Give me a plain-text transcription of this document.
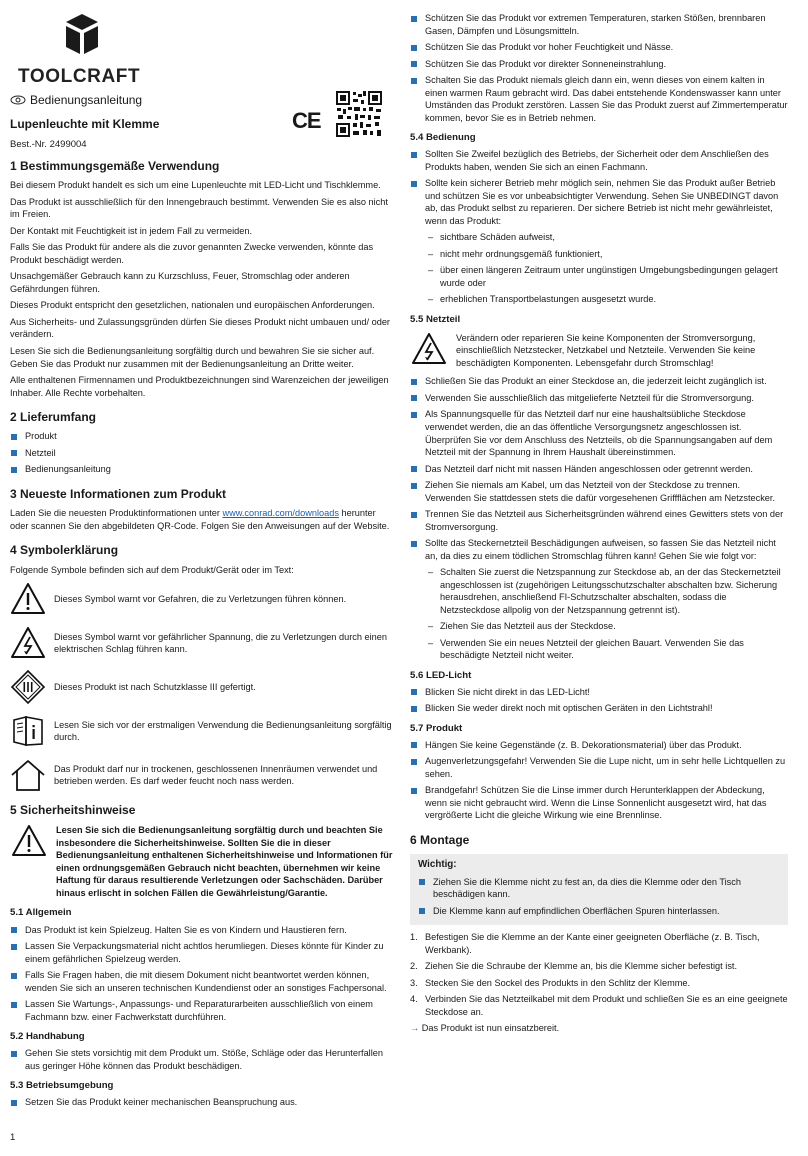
TOOLCRAFT
Bedienungsanleitung
Lupenleuchte mit Klemme
Best.-Nr. 2499004
CE
1 Bestimmungsgemäße Verwendung

Bei diesem Produkt handelt es sich um eine Lupenleuchte mit LED-Licht und Tischklemme.

Das Produkt ist ausschließlich für den Innengebrauch bestimmt. Verwenden Sie es also nicht im Freien.

Der Kontakt mit Feuchtigkeit ist in jedem Fall zu vermeiden.

Falls Sie das Produkt für andere als die zuvor genannten Zwecke verwenden, könnte das Produkt beschädigt werden.

Unsachgemäßer Gebrauch kann zu Kurzschluss, Feuer, Stromschlag oder anderen Gefährdungen führen.

Dieses Produkt entspricht den gesetzlichen, nationalen und europäischen Anforderungen.

Aus Sicherheits- und Zulassungsgründen dürfen Sie dieses Produkt nicht umbauen und/ oder verändern.

Lesen Sie sich die Bedienungsanleitung sorgfältig durch und bewahren Sie sie sicher auf. Geben Sie das Produkt nur zusammen mit der Bedienungsanleitung an Dritte weiter.

Alle enthaltenen Firmennamen und Produktbezeichnungen sind Warenzeichen der jeweiligen Inhaber. Alle Rechte vorbehalten.

2 Lieferumfang
Produkt
Netzteil
Bedienungsanleitung
3 Neueste Informationen zum Produkt

Laden Sie die neuesten Produktinformationen unter www.conrad.com/downloads herunter oder scannen Sie den abgebildeten QR-Code. Folgen Sie den Anweisungen auf der Website.

4 Symbolerklärung

Folgende Symbole befinden sich auf dem Produkt/Gerät oder im Text:

Dieses Symbol warnt vor Gefahren, die zu Verletzungen führen können.
Dieses Symbol warnt vor gefährlicher Spannung, die zu Verletzungen durch einen elektrischen Schlag führen kann.
Dieses Produkt ist nach Schutzklasse III gefertigt.
Lesen Sie sich vor der erstmaligen Verwendung die Bedienungsanleitung sorgfältig durch.
Das Produkt darf nur in trockenen, geschlossenen Innenräumen verwendet und betrieben werden. Es darf weder feucht noch nass werden.
5 Sicherheitshinweise
Lesen Sie sich die Bedienungsanleitung sorgfältig durch und beachten Sie insbesondere die Sicherheitshinweise. Sollten Sie die in dieser Bedienungsanleitung enthaltenen Sicherheitshinweise und Informationen für einen ordnungsgemäßen Gebrauch nicht beachten, übernehmen wir keine Haftung für daraus resultierende Verletzungen oder Sachschäden. Darüber hinaus erlischt in solchen Fällen die Gewährleistung/Garantie.
5.1 Allgemein
Das Produkt ist kein Spielzeug. Halten Sie es von Kindern und Haustieren fern.
Lassen Sie Verpackungsmaterial nicht achtlos herumliegen. Dieses könnte für Kinder zu einem gefährlichen Spielzeug werden.
Falls Sie Fragen haben, die mit diesem Dokument nicht beantwortet werden können, wenden Sie sich an unseren technischen Kundendienst oder an sonstiges Fachpersonal.
Lassen Sie Wartungs-, Anpassungs- und Reparaturarbeiten ausschließlich von einem Fachmann bzw. einer Fachwerkstatt durchführen.
5.2 Handhabung
Gehen Sie stets vorsichtig mit dem Produkt um. Stöße, Schläge oder das Herunterfallen aus geringer Höhe können das Produkt beschädigen.
5.3 Betriebsumgebung
Setzen Sie das Produkt keiner mechanischen Beanspruchung aus.
Schützen Sie das Produkt vor extremen Temperaturen, starken Stößen, brennbaren Gasen, Dämpfen und Lösungsmitteln.
Schützen Sie das Produkt vor hoher Feuchtigkeit und Nässe.
Schützen Sie das Produkt vor direkter Sonneneinstrahlung.
Schalten Sie das Produkt niemals gleich dann ein, wenn dieses von einem kalten in einen warmen Raum gebracht wird. Das dabei entstehende Kondenswasser kann unter Umständen das Produkt zerstören. Lassen Sie das Produkt zuerst auf Zimmertemperatur kommen, bevor Sie es in Betrieb nehmen.
5.4 Bedienung
Sollten Sie Zweifel bezüglich des Betriebs, der Sicherheit oder dem Anschließen des Produkts haben, wenden Sie sich an einen Fachmann.
Sollte kein sicherer Betrieb mehr möglich sein, nehmen Sie das Produkt außer Betrieb und schützen Sie es vor unbeabsichtigter Verwendung. Sehen Sie UNBEDINGT davon ab, das Produkt selbst zu reparieren. Der sichere Betrieb ist nicht mehr gewährleistet, wenn das Produkt:
– sichtbare Schäden aufweist,
– nicht mehr ordnungsgemäß funktioniert,
– über einen längeren Zeitraum unter ungünstigen Umgebungsbedingungen gelagert wurde oder
– erheblichen Transportbelastungen ausgesetzt wurde.
5.5 Netzteil
Verändern oder reparieren Sie keine Komponenten der Stromversorgung, einschließlich Netzstecker, Netzkabel und Netzteile. Verwenden Sie keine beschädigten Komponenten. Lebensgefahr durch Stromschlag!
Schließen Sie das Produkt an einer Steckdose an, die jederzeit leicht zugänglich ist.
Verwenden Sie ausschließlich das mitgelieferte Netzteil für die Stromversorgung.
Als Spannungsquelle für das Netzteil darf nur eine haushaltsübliche Steckdose verwendet werden, die an das öffentliche Versorgungsnetz angeschlossen ist. Überprüfen Sie vor dem Anschluss des Netzteils, ob die Spannungsangaben auf dem Netzteil mit der Spannung in Ihrem Haushalt übereinstimmen.
Das Netzteil darf nicht mit nassen Händen angeschlossen oder getrennt werden.
Ziehen Sie niemals am Kabel, um das Netzteil von der Steckdose zu trennen. Verwenden Sie stattdessen stets die dafür vorgesehenen Griffflächen am Netzstecker.
Trennen Sie das Netzteil aus Sicherheitsgründen während eines Gewitters stets von der Stromversorgung.
Sollte das Steckernetzteil Beschädigungen aufweisen, so fassen Sie das Netzteil nicht an, da dies zu einem tödlichen Stromschlag führen kann! Gehen Sie wie folgt vor:
– Schalten Sie zuerst die Netzspannung zur Steckdose ab, an der das Steckernetzteil angeschlossen ist (zugehörigen Leitungsschutzschalter abschalten bzw. Sicherung herausdrehen, anschließend FI-Schutzschalter abschalten, sodass die Netzsteckdose allpolig von der Netzspannung getrennt ist).
– Ziehen Sie das Netzteil aus der Steckdose.
– Verwenden Sie ein neues Netzteil der gleichen Bauart. Verwenden Sie das beschädigte Netzteil nicht weiter.
5.6 LED-Licht
Blicken Sie nicht direkt in das LED-Licht!
Blicken Sie weder direkt noch mit optischen Geräten in den Lichtstrahl!
5.7 Produkt
Hängen Sie keine Gegenstände (z. B. Dekorationsmaterial) über das Produkt.
Augenverletzungsgefahr! Verwenden Sie die Lupe nicht, um in sehr helle Lichtquellen zu sehen.
Brandgefahr! Schützen Sie die Linse immer durch Herunterklappen der Abdeckung, wenn sie nicht gebraucht wird. Wenn die Linse Sonnenlicht ausgesetzt wird, hat das vergrößerte Licht die gleiche Wirkung wie eine Brennlinse.
6 Montage
Wichtig:
Ziehen Sie die Klemme nicht zu fest an, da dies die Klemme oder den Tisch beschädigen kann.
Die Klemme kann auf empfindlichen Oberflächen Spuren hinterlassen.
1. Befestigen Sie die Klemme an der Kante einer geeigneten Oberfläche (z. B. Tisch, Werkbank).
2. Ziehen Sie die Schraube der Klemme an, bis die Klemme sicher befestigt ist.
3. Stecken Sie den Sockel des Produkts in den Schlitz der Klemme.
4. Verbinden Sie das Netzteilkabel mit dem Produkt und schließen Sie es an eine geeignete Steckdose an.

→ Das Produkt ist nun einsatzbereit.

1
